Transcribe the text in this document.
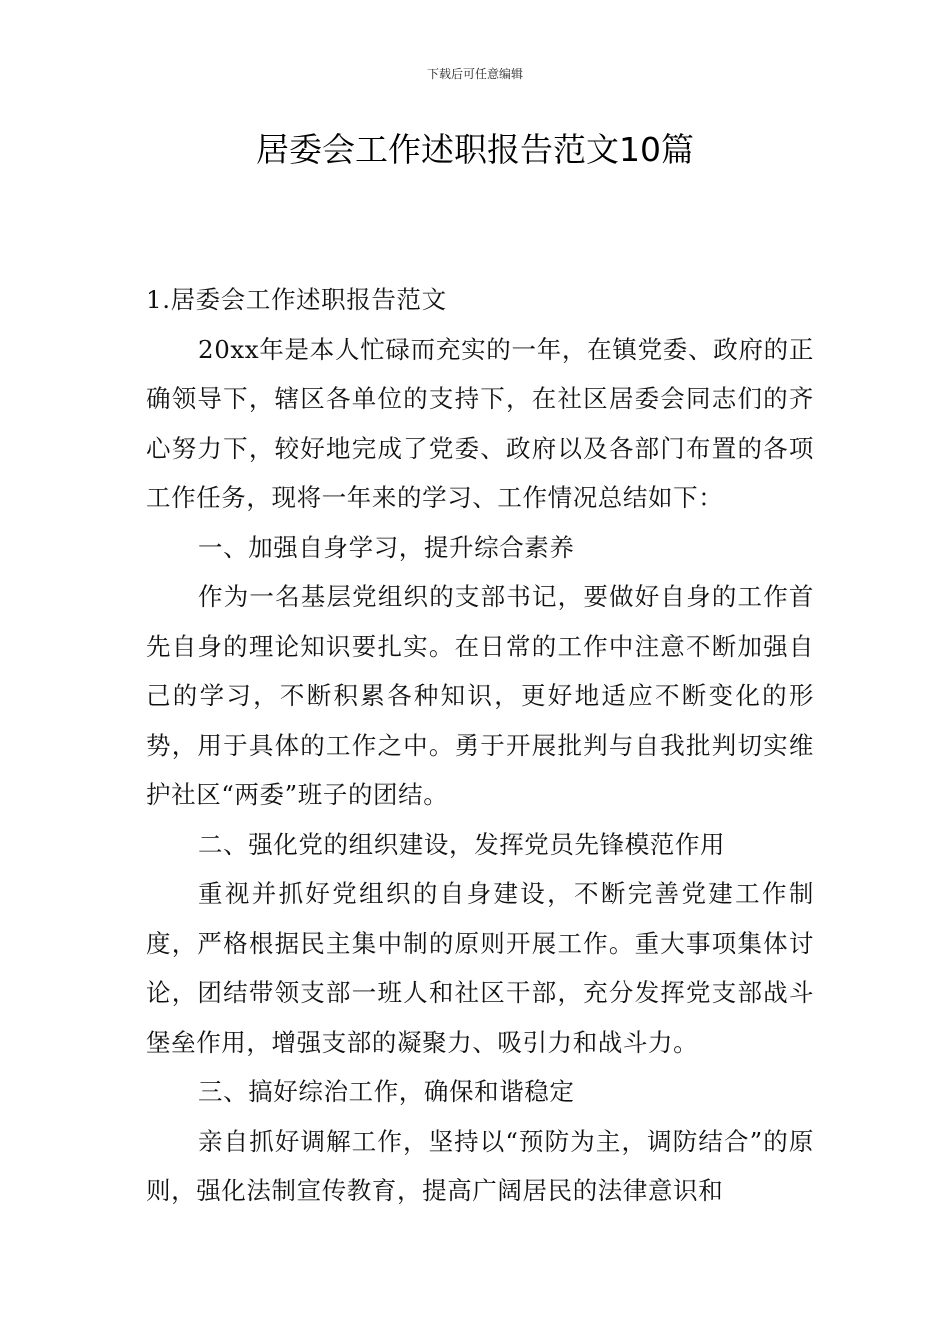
下载后可任意编辑
居委会工作述职报告范文10篇

1.居委会工作述职报告范文

20xx年是本人忙碌而充实的一年，在镇党委、政府的正确领导下，辖区各单位的支持下，在社区居委会同志们的齐心努力下，较好地完成了党委、政府以及各部门布置的各项工作任务，现将一年来的学习、工作情况总结如下：

一、加强自身学习，提升综合素养

作为一名基层党组织的支部书记，要做好自身的工作首先自身的理论知识要扎实。在日常的工作中注意不断加强自己的学习，不断积累各种知识，更好地适应不断变化的形势，用于具体的工作之中。勇于开展批判与自我批判切实维护社区“两委”班子的团结。

二、强化党的组织建设，发挥党员先锋模范作用

重视并抓好党组织的自身建设，不断完善党建工作制度，严格根据民主集中制的原则开展工作。重大事项集体讨论，团结带领支部一班人和社区干部，充分发挥党支部战斗堡垒作用，增强支部的凝聚力、吸引力和战斗力。

三、搞好综治工作，确保和谐稳定

亲自抓好调解工作，坚持以“预防为主，调防结合”的原则，强化法制宣传教育，提高广阔居民的法律意识和
